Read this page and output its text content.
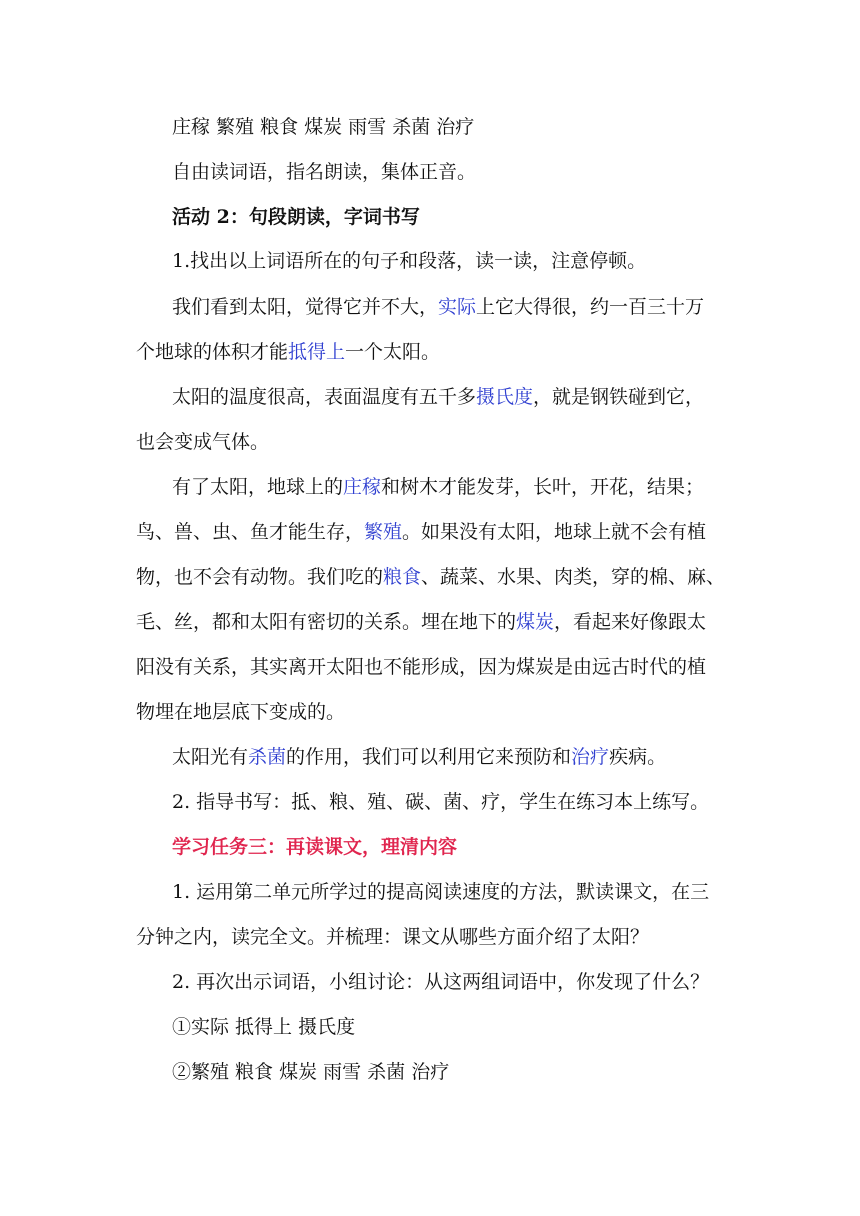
庄稼 繁殖 粮食 煤炭 雨雪 杀菌 治疗
自由读词语，指名朗读，集体正音。
活动 2：句段朗读，字词书写
1.找出以上词语所在的句子和段落，读一读，注意停顿。
我们看到太阳，觉得它并不大，实际上它大得很，约一百三十万
个地球的体积才能抵得上一个太阳。
太阳的温度很高，表面温度有五千多摄氏度，就是钢铁碰到它，
也会变成气体。
有了太阳，地球上的庄稼和树木才能发芽，长叶，开花，结果；
鸟、兽、虫、鱼才能生存，繁殖。如果没有太阳，地球上就不会有植
物，也不会有动物。我们吃的粮食、蔬菜、水果、肉类，穿的棉、麻、
毛、丝，都和太阳有密切的关系。埋在地下的煤炭，看起来好像跟太
阳没有关系，其实离开太阳也不能形成，因为煤炭是由远古时代的植
物埋在地层底下变成的。
太阳光有杀菌的作用，我们可以利用它来预防和治疗疾病。
2. 指导书写：抵、粮、殖、碳、菌、疗，学生在练习本上练写。
学习任务三：再读课文，理清内容
1. 运用第二单元所学过的提高阅读速度的方法，默读课文，在三
分钟之内，读完全文。并梳理：课文从哪些方面介绍了太阳？
2. 再次出示词语，小组讨论：从这两组词语中，你发现了什么？
①实际 抵得上 摄氏度
②繁殖 粮食 煤炭 雨雪 杀菌 治疗
